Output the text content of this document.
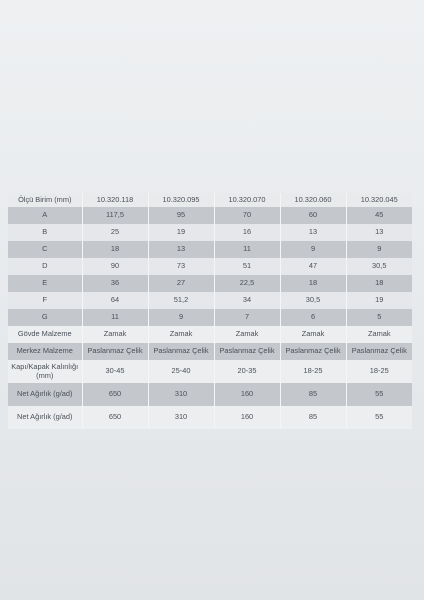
Ölçü Birim (mm)	10.320.118	10.320.095	10.320.070	10.320.060	10.320.045
A	117,5	95	70	60	45
B	25	19	16	13	13
C	18	13	11	9	9
D	90	73	51	47	30,5
E	36	27	22,5	18	18
F	64	51,2	34	30,5	19
G	11	9	7	6	5
Gövde Malzeme	Zamak	Zamak	Zamak	Zamak	Zamak
Merkez Malzeme	Paslanmaz Çelik	Paslanmaz Çelik	Paslanmaz Çelik	Paslanmaz Çelik	Paslanmaz Çelik
Kapı/Kapak Kalınlığı (mm)	30-45	25-40	20-35	18-25	18-25
Net Ağırlık (g/ad)	650	310	160	85	55
Net Ağırlık (g/ad)	650	310	160	85	55
